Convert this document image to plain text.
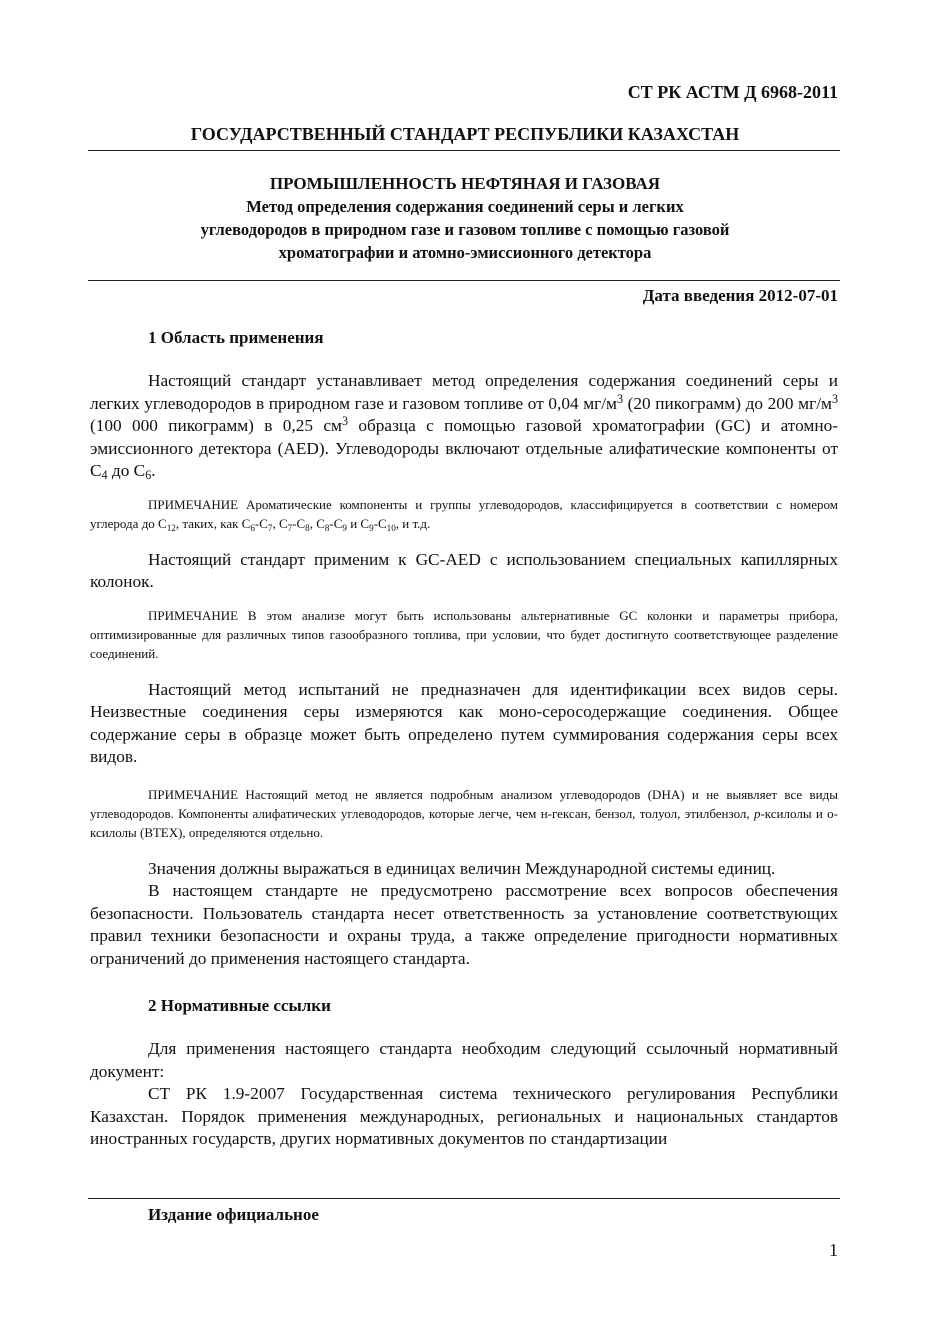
СТ РК АСТМ Д 6968-2011
ГОСУДАРСТВЕННЫЙ СТАНДАРТ РЕСПУБЛИКИ КАЗАХСТАН
ПРОМЫШЛЕННОСТЬ НЕФТЯНАЯ И ГАЗОВАЯ
Метод определения содержания соединений серы и легких
углеводородов в природном газе и газовом топливе с помощью газовой
хроматографии и атомно-эмиссионного детектора
Дата введения 2012-07-01

1 Область применения

Настоящий стандарт устанавливает метод определения содержания соединений серы и легких углеводородов в природном газе и газовом топливе от 0,04 $мг/м^3$ (20 пикограмм) до 200 $мг/м^3$ (100 000 пикограмм) в 0,25 $см^3$ образца с помощью газовой хроматографии (GC) и атомно-эмиссионного детектора (AED). Углеводороды включают отдельные алифатические компоненты от $С_4$ до $С_6$.

ПРИМЕЧАНИЕ Ароматические компоненты и группы углеводородов, классифицируется в соответствии с номером углерода до $С_{12}$, таких, как $С_6-С_7$, $С_7-С_8$, $С_8-С_9$ и $С_9-С_{10}$, и т.д.

Настоящий стандарт применим к GC-AED с использованием специальных капиллярных колонок.

ПРИМЕЧАНИЕ В этом анализе могут быть использованы альтернативные GC колонки и параметры прибора, оптимизированные для различных типов газообразного топлива, при условии, что будет достигнуто соответствующее разделение соединений.

Настоящий метод испытаний не предназначен для идентификации всех видов серы. Неизвестные соединения серы измеряются как моно-серосодержащие соединения. Общее содержание серы в образце может быть определено путем суммирования содержания серы всех видов.

ПРИМЕЧАНИЕ Настоящий метод не является подробным анализом углеводородов (DHA) и не выявляет все виды углеводородов. Компоненты алифатических углеводородов, которые легче, чем н-гексан, бензол, толуол, этилбензол, р-ксилолы и о-ксилолы (ВТЕХ), определяются отдельно.

Значения должны выражаться в единицах величин Международной системы единиц.

В настоящем стандарте не предусмотрено рассмотрение всех вопросов обеспечения безопасности. Пользователь стандарта несет ответственность за установление соответствующих правил техники безопасности и охраны труда, а также определение пригодности нормативных ограничений до применения настоящего стандарта.

2 Нормативные ссылки

Для применения настоящего стандарта необходим следующий ссылочный нормативный документ:

СТ РК 1.9-2007 Государственная система технического регулирования Республики Казахстан. Порядок применения международных, региональных и национальных стандартов иностранных государств, других нормативных документов по стандартизации

Издание официальное
1
